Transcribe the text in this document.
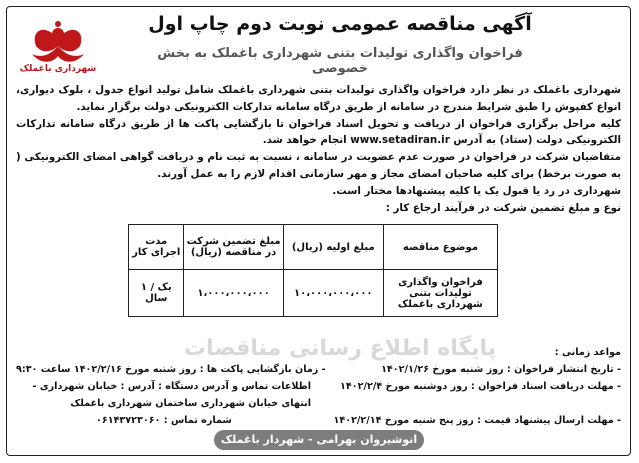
شهرداری باغملک
آگهی مناقصه عمومی نوبت دوم چاپ اول
فراخوان واگذاری تولیدات بتنی شهرداری باغملک به بخش خصوصی

شهرداری باغملک در نظر دارد فراخوان واگذاری تولیدات بتنی شهرداری باغملک شامل تولید انواع جدول ، بلوک دیواری، انواع کفپوش را طبق شرایط مندرج در سامانه از طریق درگاه سامانه تدارکات الکترونیکی دولت برگزار نماید.

کلیه مراحل برگزاری فراخوان از دریافت و تحویل اسناد فراخوان تا بازگشایی پاکت ها از طریق درگاه سامانه تدارکات الکترونیکی دولت (ستاد) به آدرس www.setadiran.ir انجام خواهد شد.

متقاضیان شرکت در فراخوان در صورت عدم عضویت در سامانه ، نسبت به ثبت نام و دریافت گواهی امضای الکترونیکی ( به صورت برخط) برای کلیه صاحبان امضای مجاز و مهر سازمانی اقدام لازم را به عمل آورند.

شهرداری در رد یا قبول یک یا کلیه پیشنهادها مختار است.

نوع و مبلغ تضمین شرکت در فرآیند ارجاع کار :

موضوع مناقصه	مبلغ اولیه (ریال)	مبلغ تضمین شرکت در مناقصه (ریال)	مدت اجرای کار
فراخوان واگذاری تولیدات بتنی شهرداری باغملک	۱۰،۰۰۰،۰۰۰،۰۰۰	۱،۰۰۰،۰۰۰،۰۰۰	یک / ۱ سال
پایگاه اطلاع رسانی مناقصات	مواعد زمانی :
- تاریخ انتشار فراخوان : روز شنبه مورخ ۱۴۰۲/۱/۲۶
- زمان بازگشایی پاکت ها : روز شنبه مورخ ۱۴۰۲/۲/۱۶ ساعت ۹:۳۰
- مهلت دریافت اسناد فراخوان : روز دوشنبه مورخ ۱۴۰۲/۲/۴
اطلاعات تماس و آدرس دستگاه : آدرس : خیابان شهرداری - انتهای خیابان شهرداری ساختمان شهرداری باغملک
- مهلت ارسال پیشنهاد قیمت : روز پنج شنبه مورخ ۱۴۰۲/۲/۱۴
شماره تماس : ۰۶۱۴۳۷۲۳۰۶۰
انوشیروان بهرامی - شهردار باغملک
